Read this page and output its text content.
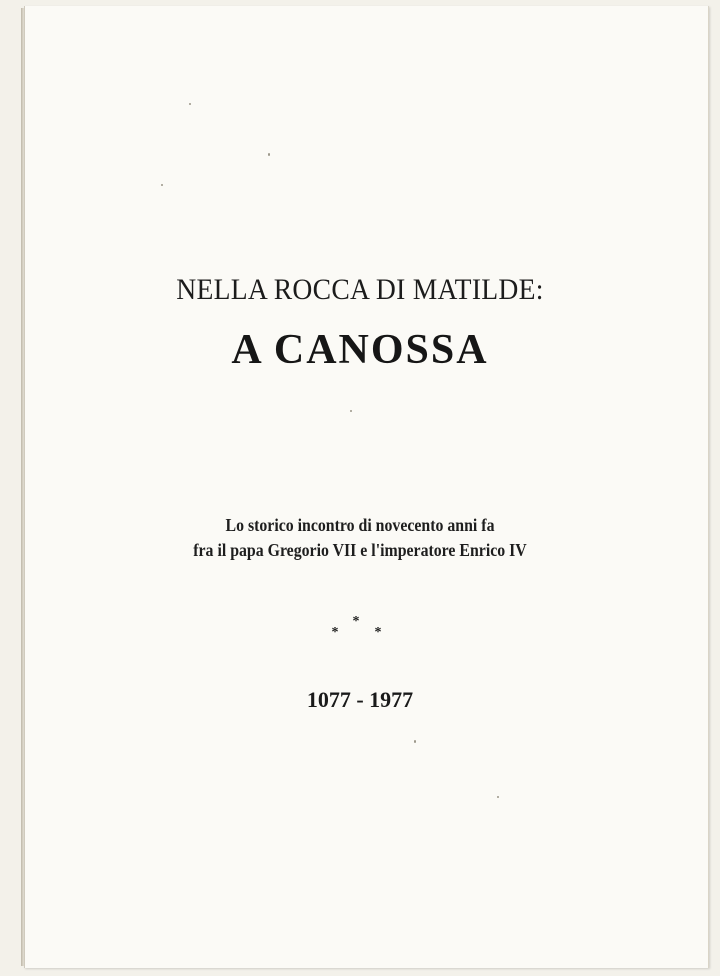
NELLA ROCCA DI MATILDE:
A CANOSSA
Lo storico incontro di novecento anni fa
fra il papa Gregorio VII e l'imperatore Enrico IV
*
*	*
1077 - 1977
